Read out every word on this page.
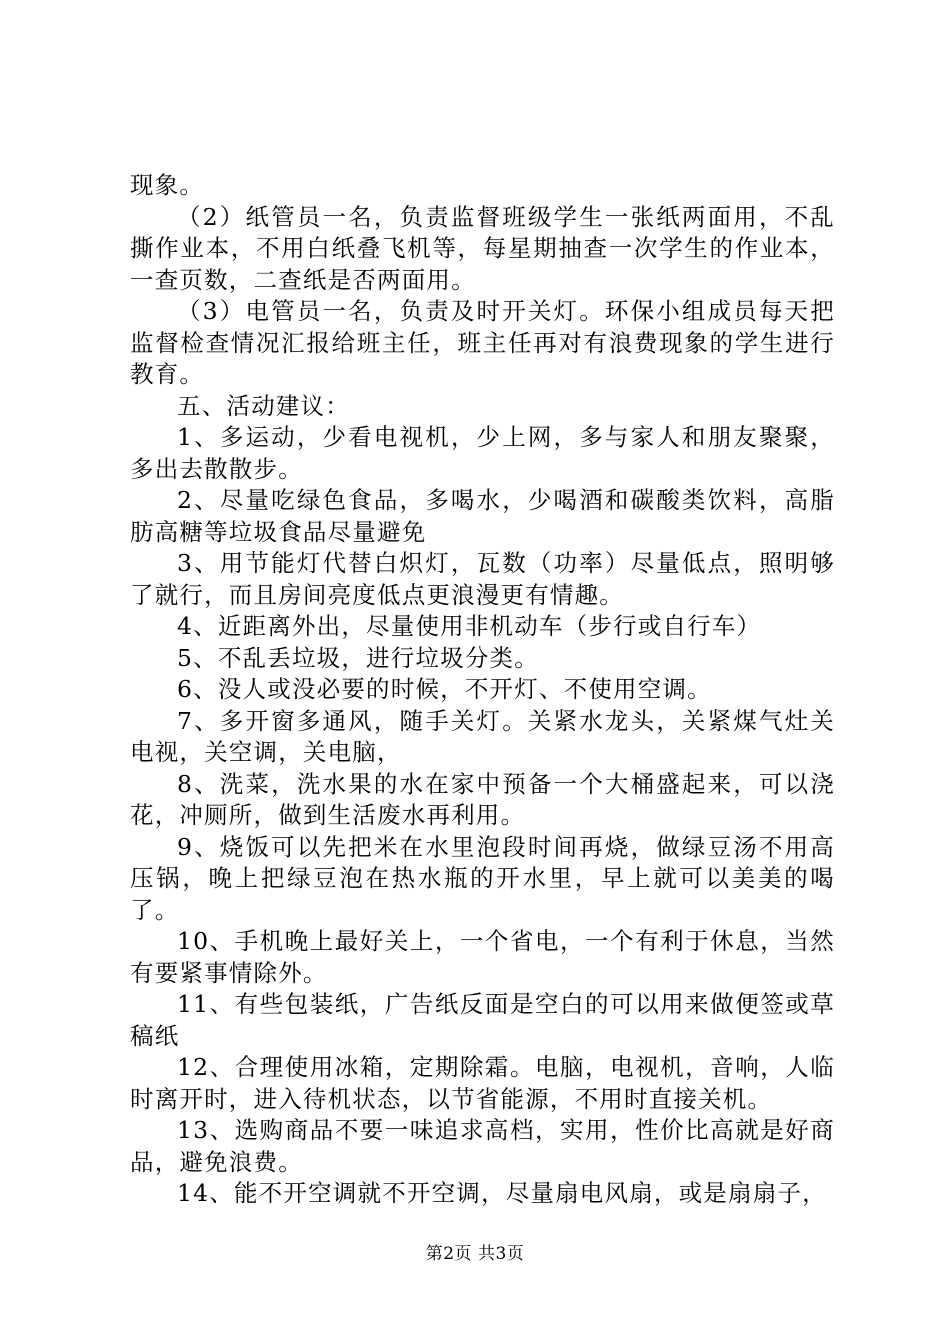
现象。

（2）纸管员一名，负责监督班级学生一张纸两面用，不乱撕作业本，不用白纸叠飞机等，每星期抽查一次学生的作业本，一查页数，二查纸是否两面用。

（3）电管员一名，负责及时开关灯。环保小组成员每天把监督检查情况汇报给班主任，班主任再对有浪费现象的学生进行教育。

五、活动建议：

1、多运动，少看电视机，少上网，多与家人和朋友聚聚，多出去散散步。

2、尽量吃绿色食品，多喝水，少喝酒和碳酸类饮料，高脂肪高糖等垃圾食品尽量避免

3、用节能灯代替白炽灯，瓦数（功率）尽量低点，照明够了就行，而且房间亮度低点更浪漫更有情趣。

4、近距离外出，尽量使用非机动车（步行或自行车）

5、不乱丢垃圾，进行垃圾分类。

6、没人或没必要的时候，不开灯、不使用空调。

7、多开窗多通风，随手关灯。关紧水龙头，关紧煤气灶关电视，关空调，关电脑，

8、洗菜，洗水果的水在家中预备一个大桶盛起来，可以浇花，冲厕所，做到生活废水再利用。

9、烧饭可以先把米在水里泡段时间再烧，做绿豆汤不用高压锅，晚上把绿豆泡在热水瓶的开水里，早上就可以美美的喝了。

10、手机晚上最好关上，一个省电，一个有利于休息，当然有要紧事情除外。

11、有些包装纸，广告纸反面是空白的可以用来做便签或草稿纸

12、合理使用冰箱，定期除霜。电脑，电视机，音响，人临时离开时，进入待机状态，以节省能源，不用时直接关机。

13、选购商品不要一味追求高档，实用，性价比高就是好商品，避免浪费。

14、能不开空调就不开空调，尽量扇电风扇，或是扇扇子，

第2页 共3页
